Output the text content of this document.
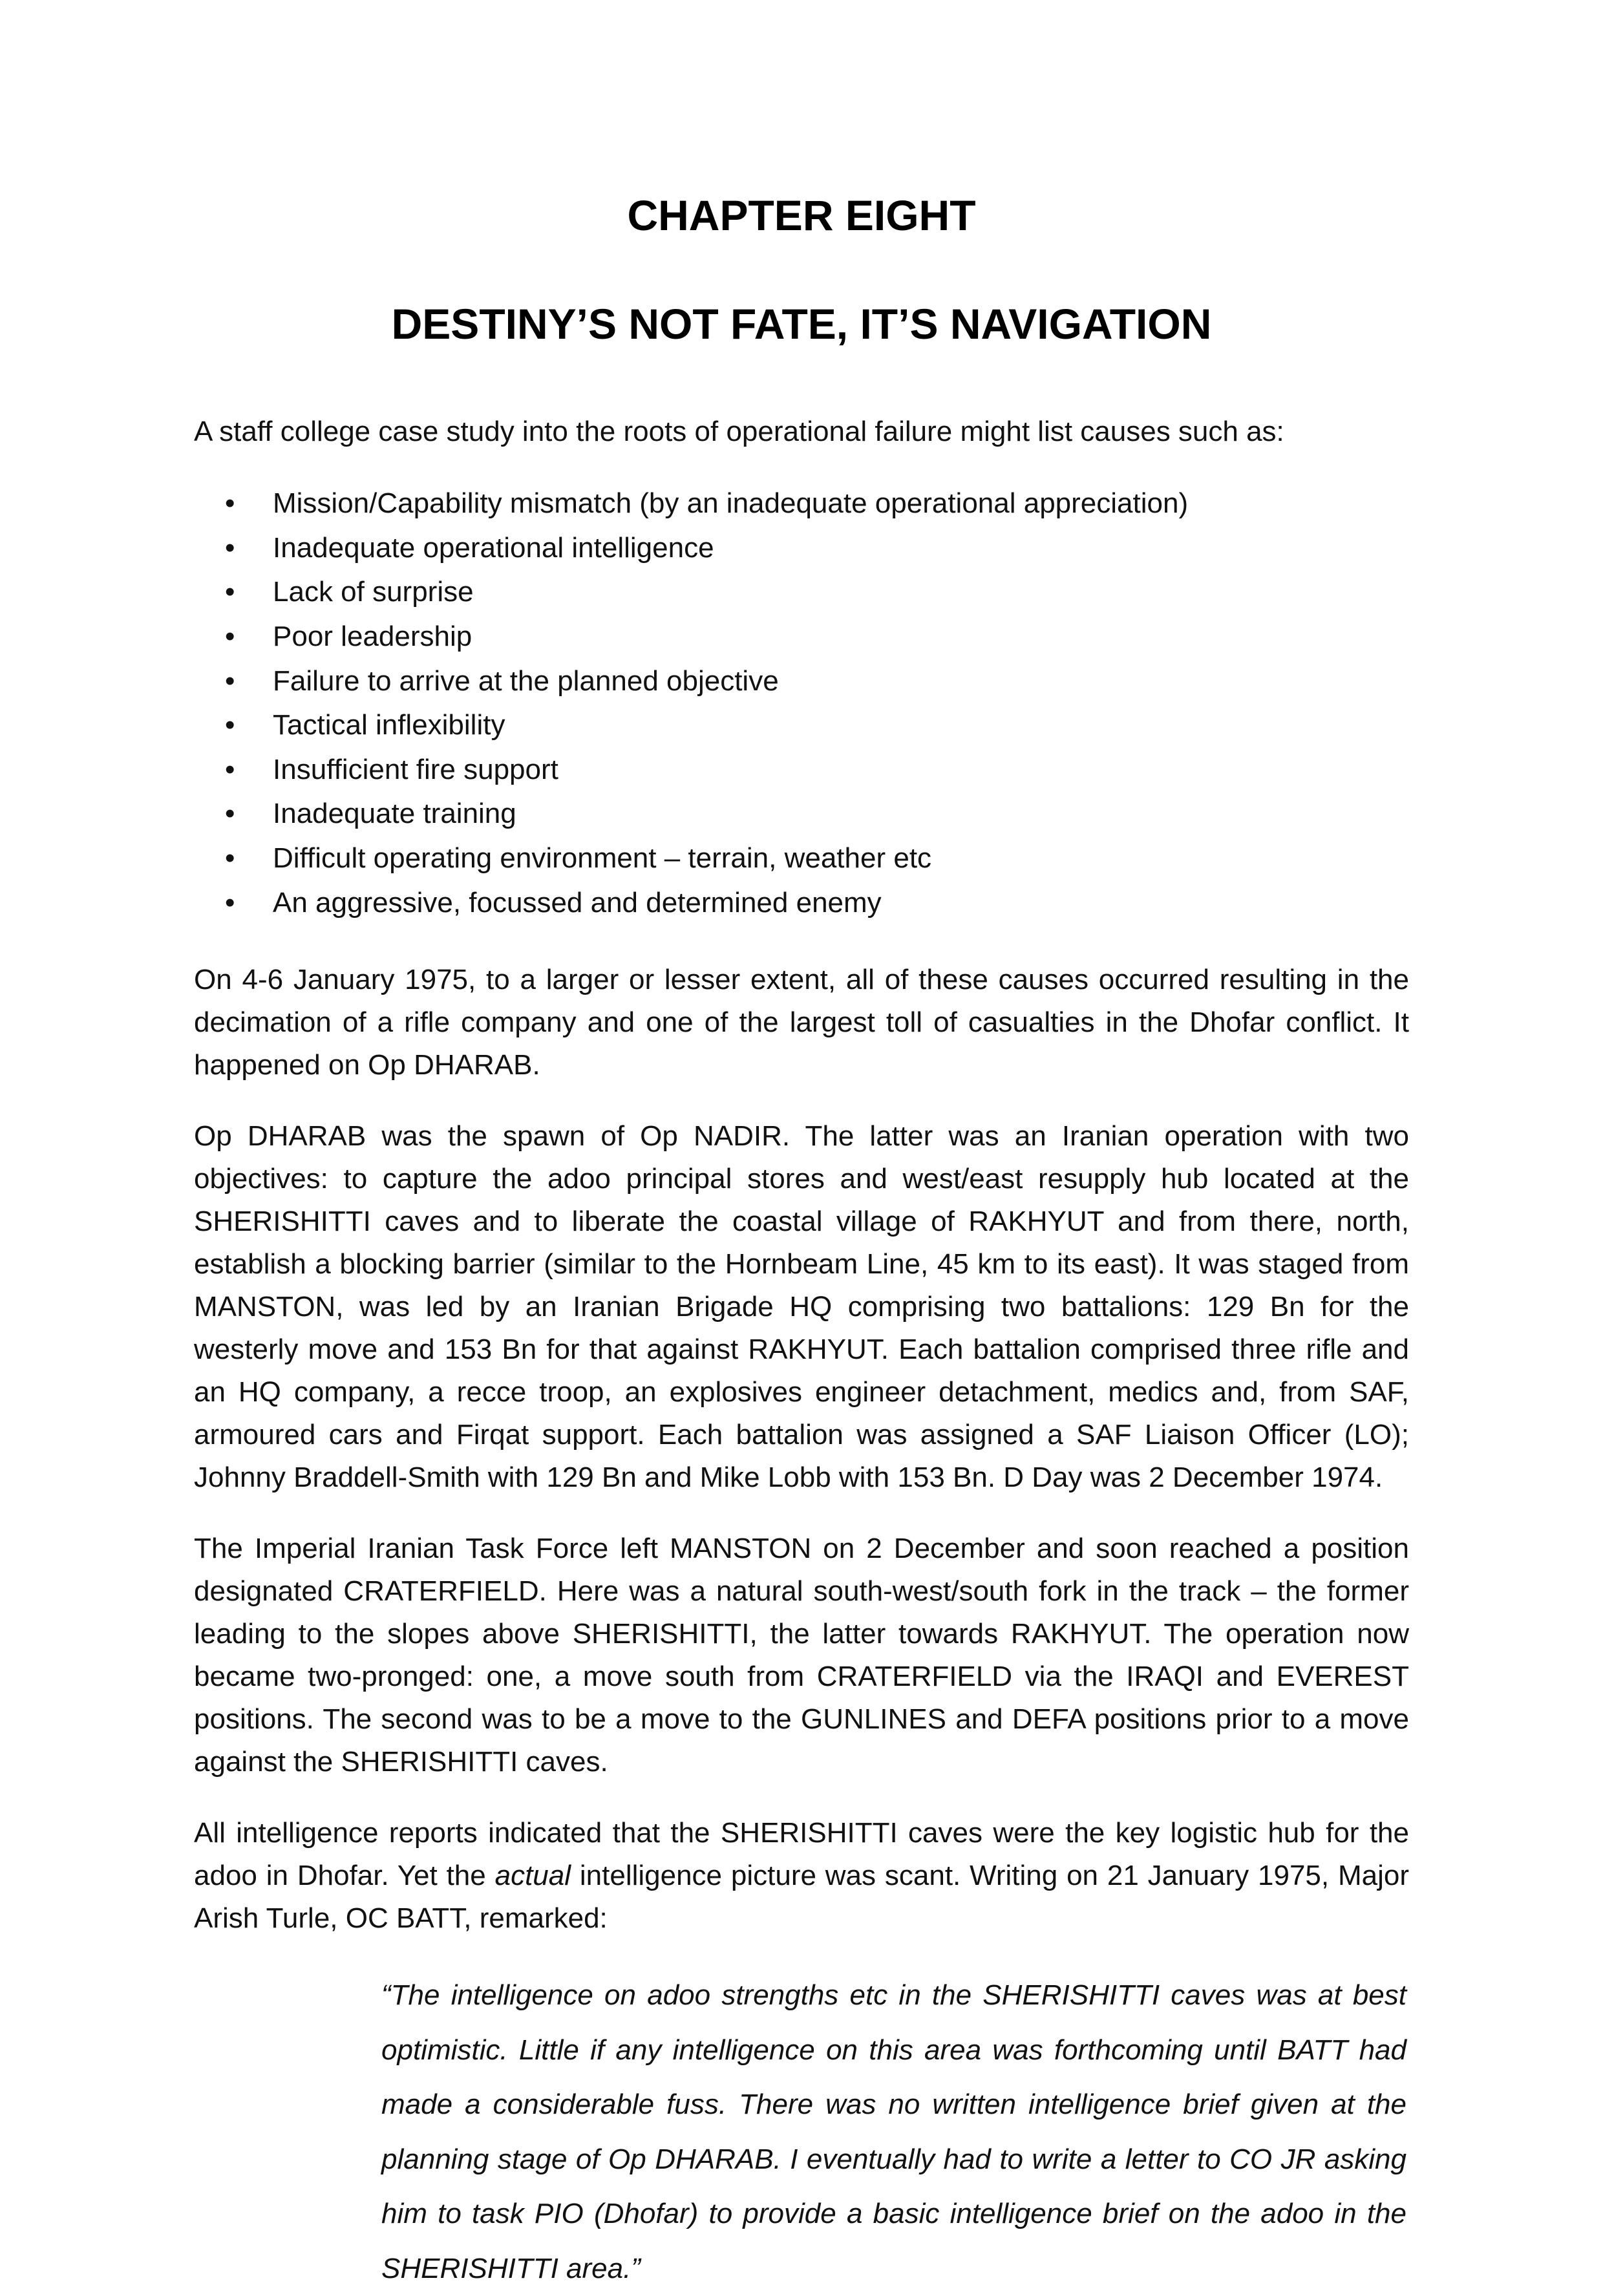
CHAPTER EIGHT
DESTINY’S NOT FATE, IT’S NAVIGATION

A staff college case study into the roots of operational failure might list causes such as:

• Mission/Capability mismatch (by an inadequate operational appreciation)
• Inadequate operational intelligence
• Lack of surprise
• Poor leadership
• Failure to arrive at the planned objective
• Tactical inflexibility
• Insufficient fire support
• Inadequate training
• Difficult operating environment – terrain, weather etc
• An aggressive, focussed and determined enemy

On 4-6 January 1975, to a larger or lesser extent, all of these causes occurred resulting in the decimation of a rifle company and one of the largest toll of casualties in the Dhofar conflict. It happened on Op DHARAB.

Op DHARAB was the spawn of Op NADIR. The latter was an Iranian operation with two objectives: to capture the adoo principal stores and west/east resupply hub located at the SHERISHITTI caves and to liberate the coastal village of RAKHYUT and from there, north, establish a blocking barrier (similar to the Hornbeam Line, 45 km to its east). It was staged from MANSTON, was led by an Iranian Brigade HQ comprising two battalions: 129 Bn for the westerly move and 153 Bn for that against RAKHYUT. Each battalion comprised three rifle and an HQ company, a recce troop, an explosives engineer detachment, medics and, from SAF, armoured cars and Firqat support. Each battalion was assigned a SAF Liaison Officer (LO); Johnny Braddell-Smith with 129 Bn and Mike Lobb with 153 Bn. D Day was 2 December 1974.

The Imperial Iranian Task Force left MANSTON on 2 December and soon reached a position designated CRATERFIELD. Here was a natural south-west/south fork in the track – the former leading to the slopes above SHERISHITTI, the latter towards RAKHYUT. The operation now became two-pronged: one, a move south from CRATERFIELD via the IRAQI and EVEREST positions. The second was to be a move to the GUNLINES and DEFA positions prior to a move against the SHERISHITTI caves.

All intelligence reports indicated that the SHERISHITTI caves were the key logistic hub for the adoo in Dhofar. Yet the actual intelligence picture was scant. Writing on 21 January 1975, Major Arish Turle, OC BATT, remarked:

“The intelligence on adoo strengths etc in the SHERISHITTI caves was at best optimistic. Little if any intelligence on this area was forthcoming until BATT had made a considerable fuss. There was no written intelligence brief given at the planning stage of Op DHARAB. I eventually had to write a letter to CO JR asking him to task PIO (Dhofar) to provide a basic intelligence brief on the adoo in the SHERISHITTI area.”
